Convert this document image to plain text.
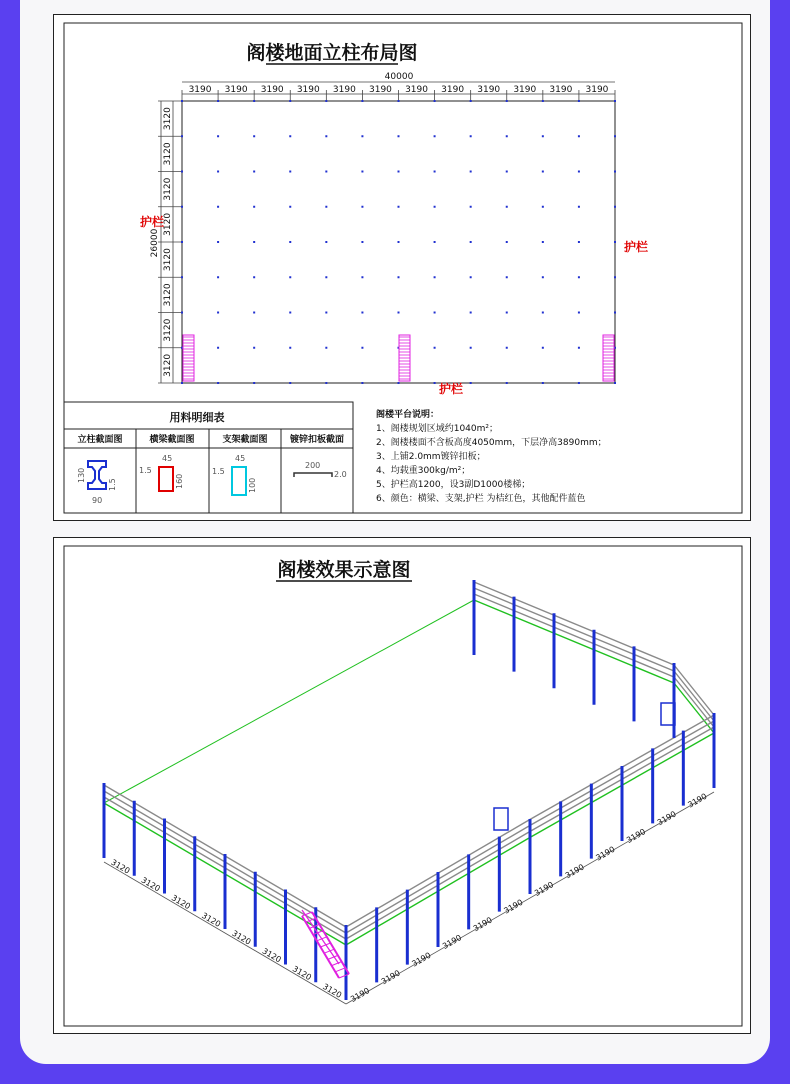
阁楼地面立柱布局图
40000
3190 3190 3190 3190 3190 3190 3190 3190 3190 3190 3190 3190
26000
3120
3120
3120
3120
3120
3120
3120
3120
护栏
护栏
护栏
用料明细表
立柱截面图	横梁截面图	支架截面图 镀锌扣板截面
130
90
1.5
45
160
1.5
45
100
1.5
200
2.0
阁楼平台说明：
1、阁楼规划区域约1040m²；
2、阁楼楼面不含板高度4050mm，下层净高3890mm；
3、上铺2.0mm镀锌扣板；
4、均载重300kg/m²；
5、护栏高1200，设3副D1000楼梯；
6、颜色：横梁、支架,护栏 为桔红色，其他配件蓝色
阁楼效果示意图
3120
3120
3120
3120
3120
3120
3120
3120 3190
3190
3190
3190
3190
3190
3190
3190
3190
3190
3190
3190
